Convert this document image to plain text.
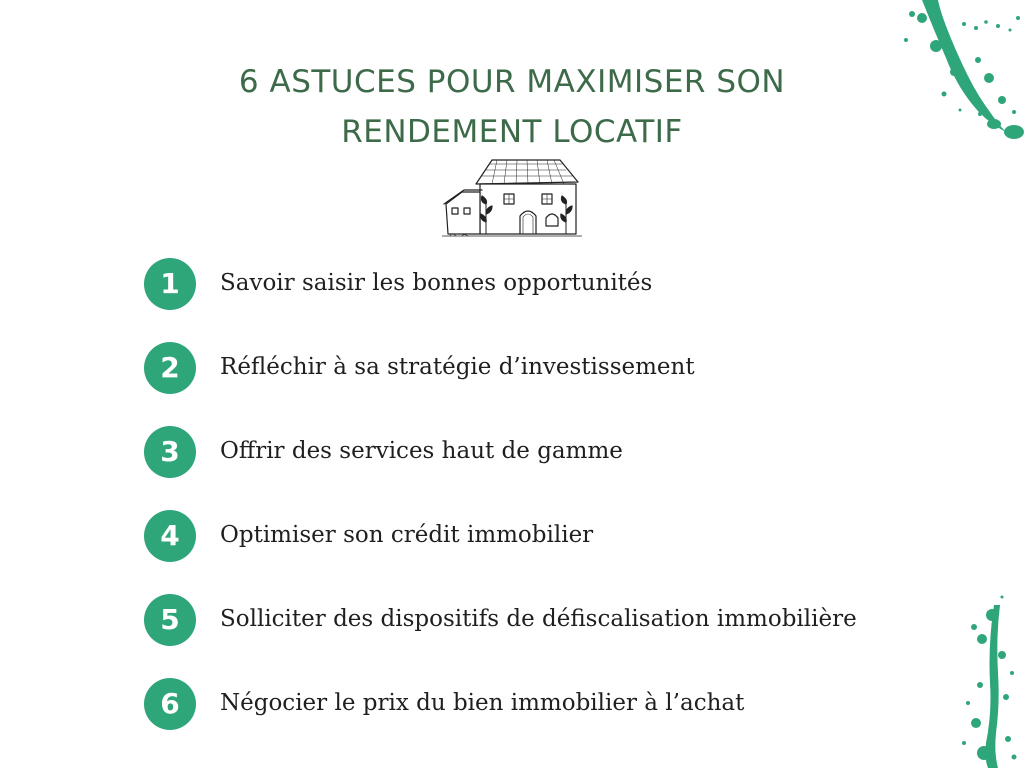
6 ASTUCES POUR MAXIMISER SON
RENDEMENT LOCATIF
1	Savoir saisir les bonnes opportunités
2	Réfléchir à sa stratégie d’investissement
3	Offrir des services haut de gamme
4	Optimiser son crédit immobilier
5	Solliciter des dispositifs de défiscalisation immobilière
6	Négocier le prix du bien immobilier à l’achat
